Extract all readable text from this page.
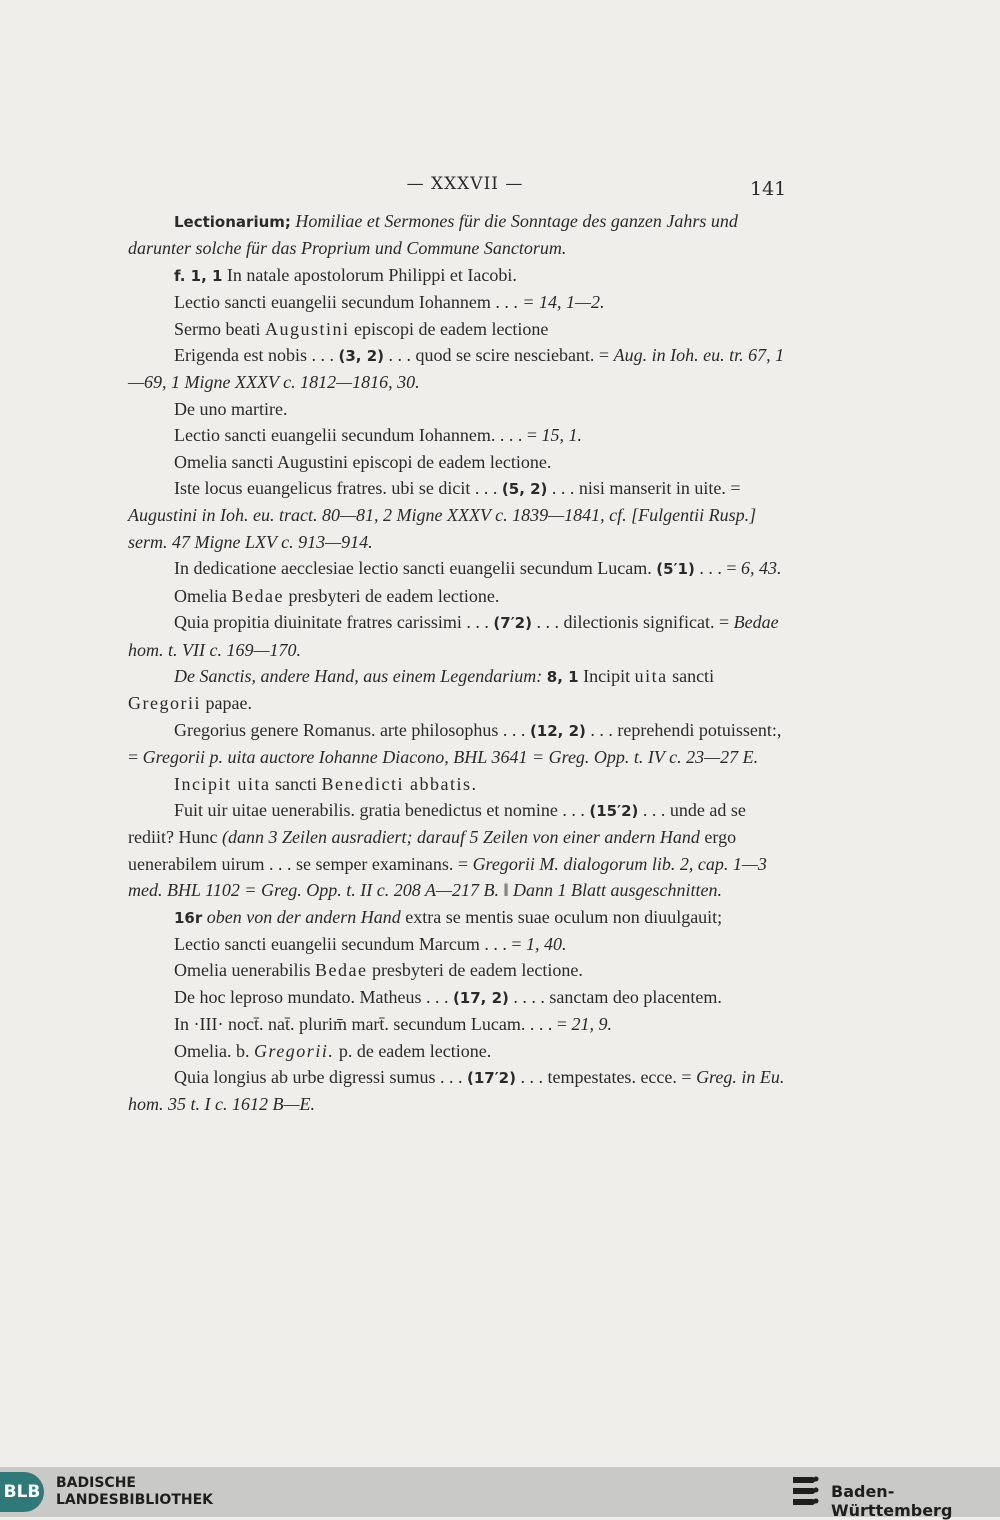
— XXXVII —	141

Lectionarium; Homiliae et Sermones für die Sonntage des ganzen Jahrs und darunter solche für das Proprium und Commune Sanctorum.

f. 1, 1 In natale apostolorum Philippi et Iacobi.

Lectio sancti euangelii secundum Iohannem . . . = 14, 1—2.

Sermo beati Augustini episcopi de eadem lectione

Erigenda est nobis . . . (3, 2) . . . quod se scire nesciebant. = Aug. in Ioh. eu. tr. 67, 1—69, 1 Migne XXXV c. 1812—1816, 30.

De uno martire.

Lectio sancti euangelii secundum Iohannem. . . . = 15, 1.

Omelia sancti Augustini episcopi de eadem lectione.

Iste locus euangelicus fratres. ubi se dicit . . . (5, 2) . . . nisi manserit in uite. = Augustini in Ioh. eu. tract. 80—81, 2 Migne XXXV c. 1839—1841, cf. [Fulgentii Rusp.] serm. 47 Migne LXV c. 913—914.

In dedicatione aecclesiae lectio sancti euangelii secundum Lucam. (5′1) . . . = 6, 43.

Omelia Bedae presbyteri de eadem lectione.

Quia propitia diuinitate fratres carissimi . . . (7′2) . . . dilectionis significat. = Bedae hom. t. VII c. 169—170.

De Sanctis, andere Hand, aus einem Legendarium: 8, 1 Incipit uita sancti Gregorii papae.

Gregorius genere Romanus. arte philosophus . . . (12, 2) . . . reprehendi potuissent:, = Gregorii p. uita auctore Iohanne Diacono, BHL 3641 = Greg. Opp. t. IV c. 23—27 E.

Incipit uita sancti Benedicti abbatis.

Fuit uir uitae uenerabilis. gratia benedictus et nomine . . . (15′2) . . . unde ad se rediit? Hunc (dann 3 Zeilen ausradiert; darauf 5 Zeilen von einer andern Hand ergo uenerabilem uirum . . . se semper examinans. = Gregorii M. dialogorum lib. 2, cap. 1—3 med. BHL 1102 = Greg. Opp. t. II c. 208 A—217 B. ‖ Dann 1 Blatt ausgeschnitten.

16r oben von der andern Hand extra se mentis suae oculum non diuulgauit;

Lectio sancti euangelii secundum Marcum . . . = 1, 40.

Omelia uenerabilis Bedae presbyteri de eadem lectione.

De hoc leproso mundato. Matheus . . . (17, 2) . . . . sanctam deo placentem.

In ·III· noct̄. nat̄. plurim̄ mart̄. secundum Lucam. . . . = 21, 9.

Omelia. b. Gregorii. p. de eadem lectione.

Quia longius ab urbe digressi sumus . . . (17′2) . . . tempestates. ecce. = Greg. in Eu. hom. 35 t. I c. 1612 B—E.

BLB BADISCHE
LANDESBIBLIOTHEK	Baden-Württemberg
